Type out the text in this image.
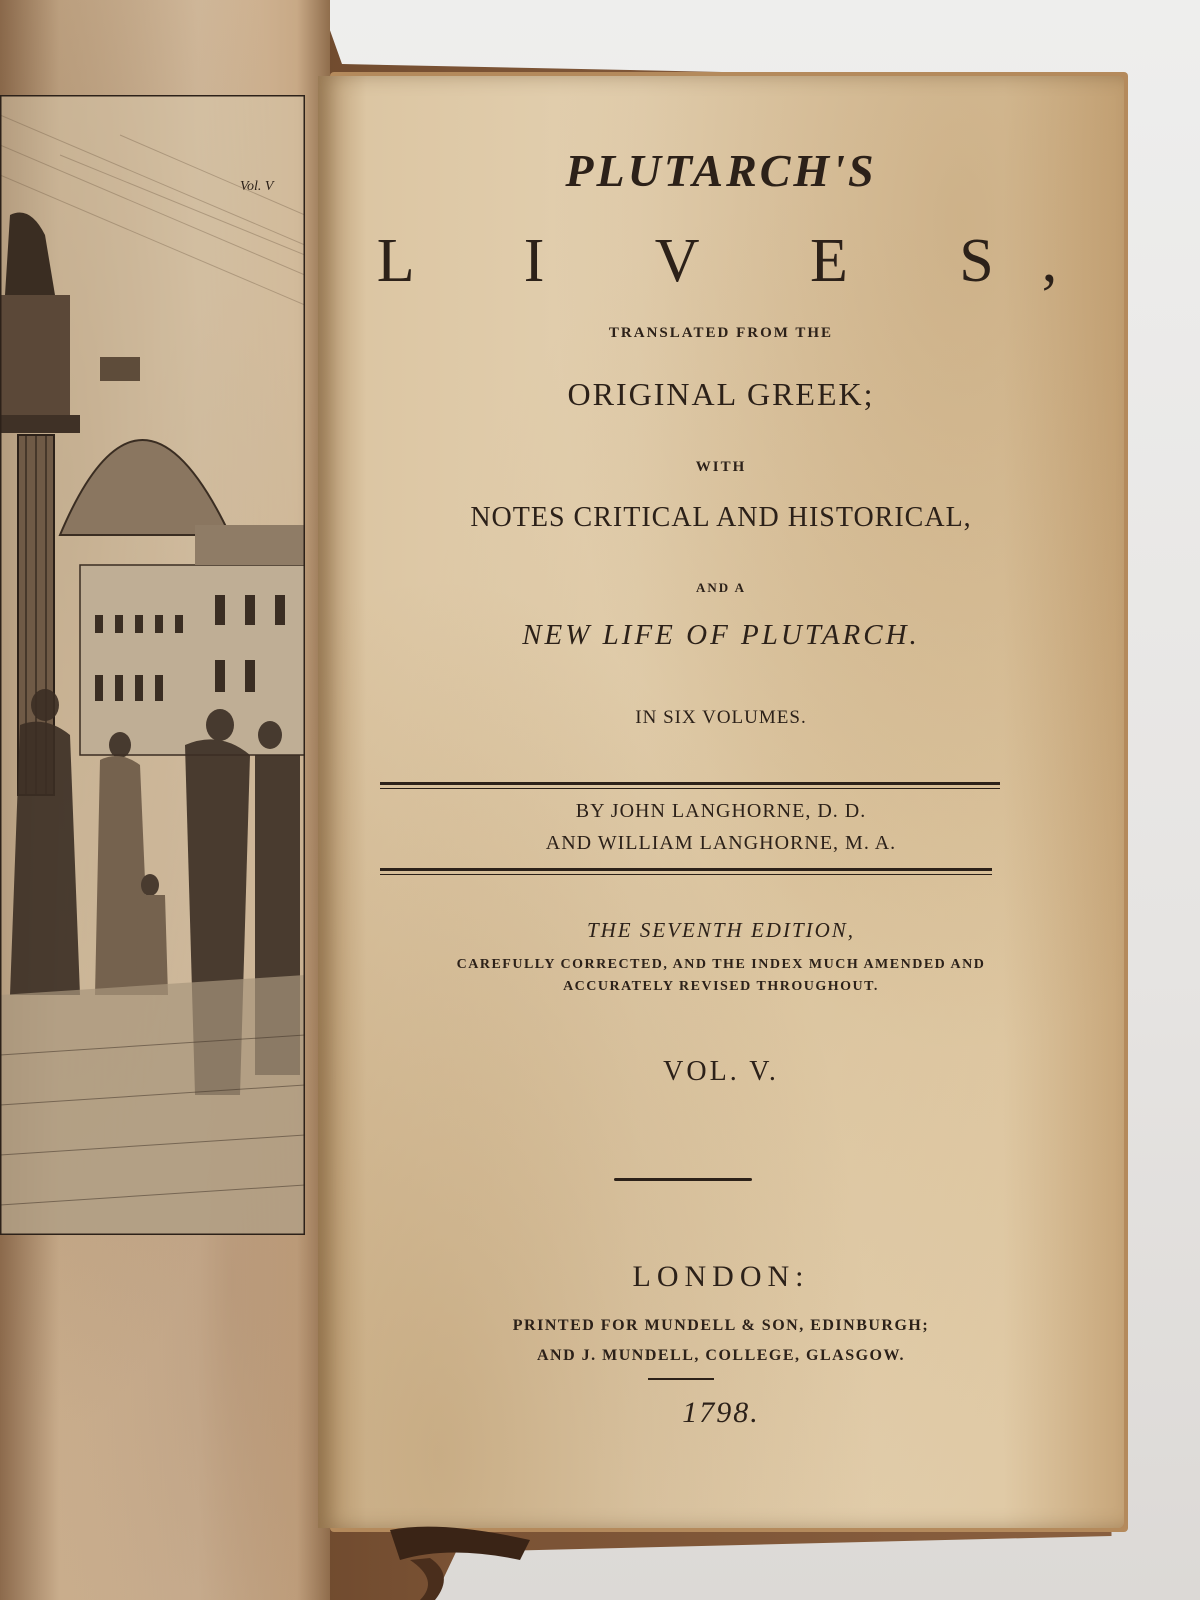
Vol. V	PLUTARCH'S
L I V E S,
TRANSLATED FROM THE
ORIGINAL GREEK;
WITH
NOTES CRITICAL AND HISTORICAL,
AND A
NEW LIFE OF PLUTARCH.
IN SIX VOLUMES.
BY JOHN LANGHORNE, D. D.
AND WILLIAM LANGHORNE, M. A.
THE SEVENTH EDITION,
CAREFULLY CORRECTED, AND THE INDEX MUCH AMENDED AND
ACCURATELY REVISED THROUGHOUT.
VOL. V.
LONDON:
PRINTED FOR MUNDELL & SON, EDINBURGH;
AND J. MUNDELL, COLLEGE, GLASGOW.
1798.
